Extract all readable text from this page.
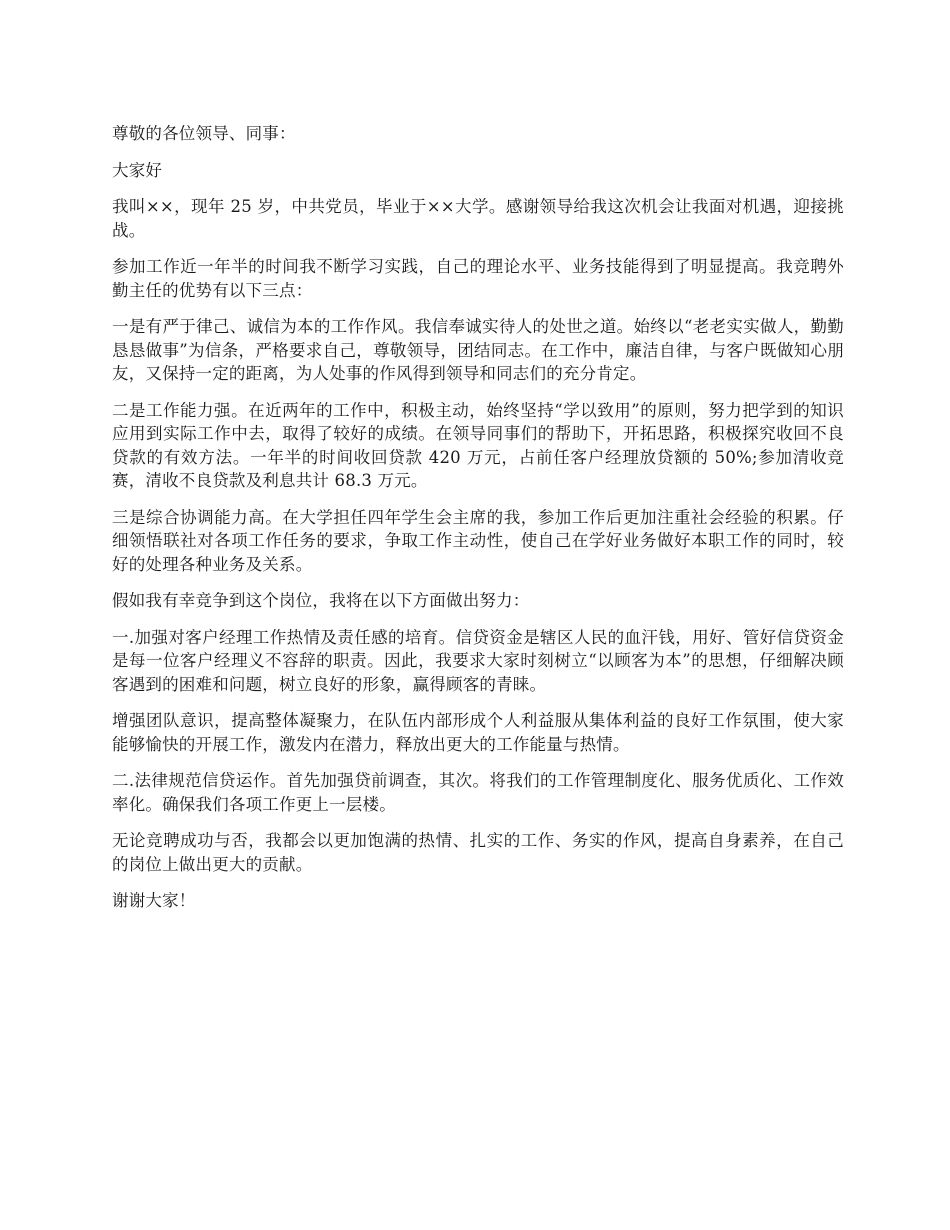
尊敬的各位领导、同事：

大家好

我叫××，现年 25 岁，中共党员，毕业于××大学。感谢领导给我这次机会让我面对机遇，迎接挑战。

参加工作近一年半的时间我不断学习实践，自己的理论水平、业务技能得到了明显提高。我竞聘外勤主任的优势有以下三点：

一是有严于律己、诚信为本的工作作风。我信奉诚实待人的处世之道。始终以“老老实实做人，勤勤恳恳做事”为信条，严格要求自己，尊敬领导，团结同志。在工作中，廉洁自律，与客户既做知心朋友，又保持一定的距离，为人处事的作风得到领导和同志们的充分肯定。

二是工作能力强。在近两年的工作中，积极主动，始终坚持“学以致用”的原则，努力把学到的知识应用到实际工作中去，取得了较好的成绩。在领导同事们的帮助下，开拓思路，积极探究收回不良贷款的有效方法。一年半的时间收回贷款 420 万元，占前任客户经理放贷额的 50%;参加清收竞赛，清收不良贷款及利息共计 68.3 万元。

三是综合协调能力高。在大学担任四年学生会主席的我，参加工作后更加注重社会经验的积累。仔细领悟联社对各项工作任务的要求，争取工作主动性，使自己在学好业务做好本职工作的同时，较好的处理各种业务及关系。

假如我有幸竞争到这个岗位，我将在以下方面做出努力：

一.加强对客户经理工作热情及责任感的培育。信贷资金是辖区人民的血汗钱，用好、管好信贷资金是每一位客户经理义不容辞的职责。因此，我要求大家时刻树立“以顾客为本”的思想，仔细解决顾客遇到的困难和问题，树立良好的形象，赢得顾客的青睐。

增强团队意识，提高整体凝聚力，在队伍内部形成个人利益服从集体利益的良好工作氛围，使大家能够愉快的开展工作，激发内在潜力，释放出更大的工作能量与热情。

二.法律规范信贷运作。首先加强贷前调查，其次。将我们的工作管理制度化、服务优质化、工作效率化。确保我们各项工作更上一层楼。

无论竞聘成功与否，我都会以更加饱满的热情、扎实的工作、务实的作风，提高自身素养，在自己的岗位上做出更大的贡献。

谢谢大家！
